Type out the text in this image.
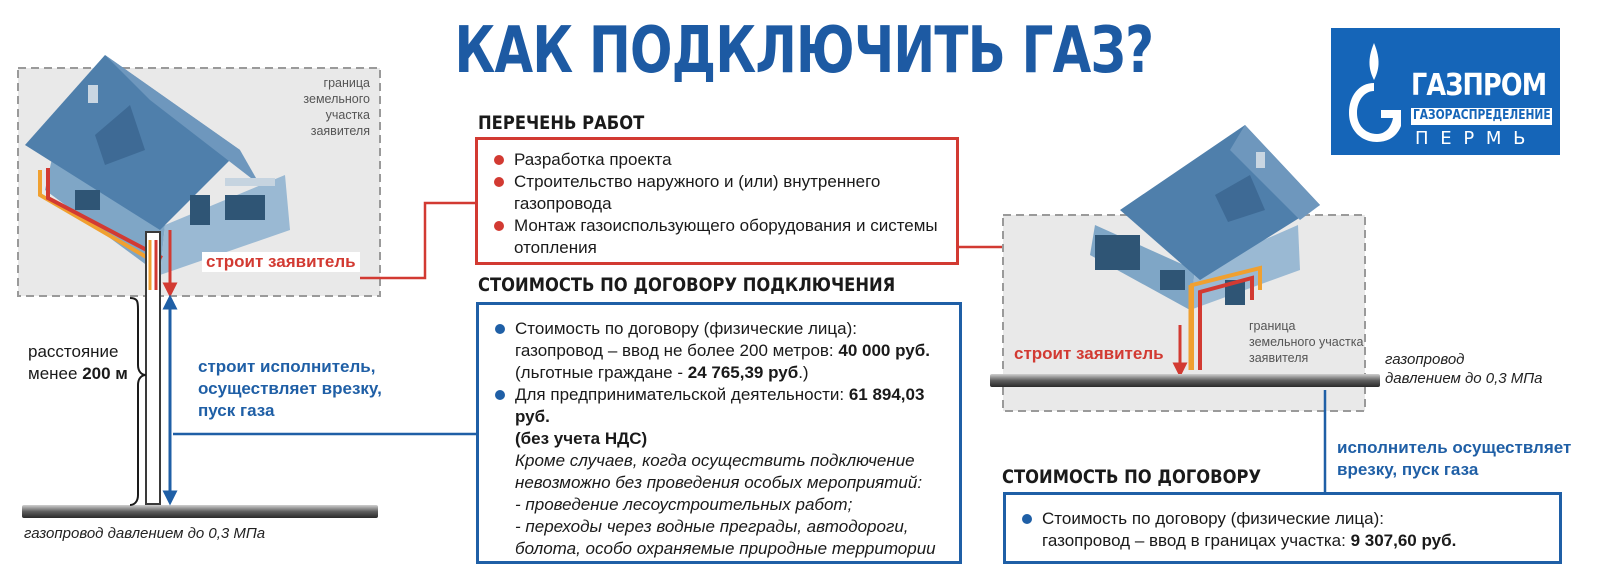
КАК ПОДКЛЮЧИТЬ ГАЗ?	ГАЗПРОМ
ГАЗОРАСПРЕДЕЛЕНИЕ
П Е Р М Ь
граница
земельного участка
заявителя
строит заявитель
расстояние
менее 200 м	строит исполнитель,
осуществляет врезку,
пуск газа
газопровод давлением до 0,3 МПа
ПЕРЕЧЕНЬ РАБОТ
Разработка проекта
Строительство наружного и (или) внутреннего
газопровода
Монтаж газоиспользующего оборудования и системы
отопления
СТОИМОСТЬ ПО ДОГОВОРУ ПОДКЛЮЧЕНИЯ
Стоимость по договору (физические лица):
газопровод – ввод не более 200 метров: 40 000 руб.
(льготные граждане - 24 765,39 руб.)
Для предпринимательской деятельности: 61 894,03 руб.
(без учета НДС)
Кроме случаев, когда осуществить подключение
невозможно без проведения особых мероприятий:
- проведение лесоустроительных работ;
- переходы через водные преграды, автодороги,
болота, особо охраняемые природные территории
граница
земельного участка
заявителя
строит заявитель	газопровод
давлением до 0,3 МПа
исполнитель осуществляет
врезку, пуск газа
СТОИМОСТЬ ПО ДОГОВОРУ
Стоимость по договору (физические лица):
газопровод – ввод в границах участка: 9 307,60 руб.
